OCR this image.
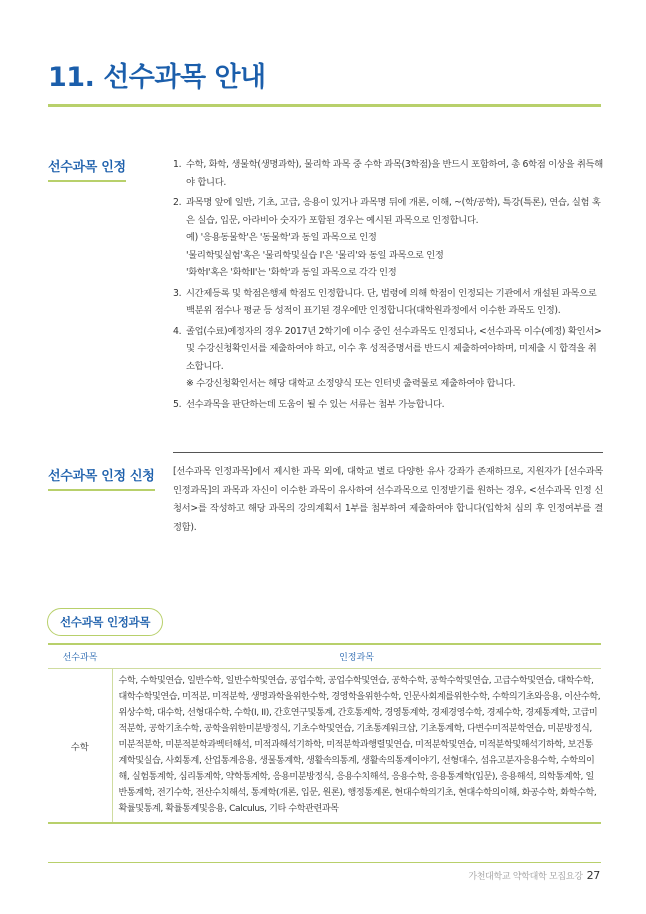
11. 선수과목 안내
선수과목 인정	1. 수학, 화학, 생물학(생명과학), 물리학 과목 중 수학 과목(3학점)을 반드시 포함하여, 총 6학점 이상을 취득해야 합니다.
2. 과목명 앞에 일반, 기초, 고급, 응용이 있거나 과목명 뒤에 개론, 이해, ~(학/공학), 특강(특론), 연습, 실험 혹은 실습, 입문, 아라비아 숫자가 포함된 경우는 예시된 과목으로 인정합니다.
예) '응용동물학'은 '동물학'과 동일 과목으로 인정
'물리학및실험'혹은 '물리학및실습 I'은 '물리'와 동일 과목으로 인정
'화학I'혹은 '화학II'는 '화학'과 동일 과목으로 각각 인정
3. 시간제등록 및 학점은행제 학점도 인정합니다. 단, 법령에 의해 학점이 인정되는 기관에서 개설된 과목으로 백분위 점수나 평균 등 성적이 표기된 경우에만 인정합니다(대학원과정에서 이수한 과목도 인정).
4. 졸업(수료)예정자의 경우 2017년 2학기에 이수 중인 선수과목도 인정되나, <선수과목 이수(예정) 확인서> 및 수강신청확인서를 제출하여야 하고, 이수 후 성적증명서를 반드시 제출하여야하며, 미제출 시 합격을 취소합니다.
※ 수강신청확인서는 해당 대학교 소정양식 또는 인터넷 출력물로 제출하여야 합니다.
5. 선수과목을 판단하는데 도움이 될 수 있는 서류는 첨부 가능합니다.
선수과목 인정 신청 [선수과목 인정과목]에서 제시한 과목 외에, 대학교 별로 다양한 유사 강좌가 존재하므로, 지원자가 [선수과목 인정과목]의 과목과 자신이 이수한 과목이 유사하여 선수과목으로 인정받기를 원하는 경우, <선수과목 인정 신청서>를 작성하고 해당 과목의 강의계획서 1부를 첨부하여 제출하여야 합니다(입학처 심의 후 인정여부를 결정함).

선수과목 인정과목
선수과목	인정과목
수학	수학, 수학및연습, 일반수학, 일반수학및연습, 공업수학, 공업수학및연습, 공학수학, 공학수학및연습, 고급수학및연습, 대학수학, 대학수학및연습, 미적분, 미적분학, 생명과학을위한수학, 경영학을위한수학, 인문사회계를위한수학, 수학의기초와응용, 이산수학, 위상수학, 대수학, 선형대수학, 수학(I, II), 간호연구및통계, 간호통계학, 경영통계학, 경제경영수학, 경제수학, 경제통계학, 고급미적분학, 공학기초수학, 공학을위한미분방정식, 기초수학및연습, 기초통계워크샵, 기초통계학, 다변수미적분학연습, 미분방정식, 미분적분학, 미분적분학과벡터해석, 미적과해석기하학, 미적분학과행렬및연습, 미적분학및연습, 미적분학및해석기하학, 보건통계학및실습, 사회통계, 산업통계응용, 생물통계학, 생활속의통계, 생활속의통계이야기, 선형대수, 섬유고분자응용수학, 수학의이해, 실험통계학, 심리통계학, 약학통계학, 응용미분방정식, 응용수치해석, 응용수학, 응용통계학(입문), 응용해석, 의학통계학, 일반통계학, 전기수학, 전산수치해석, 통계학(개론, 입문, 원론), 행정통계론, 현대수학의기초, 현대수학의이해, 화공수학, 화학수학, 확률및통계, 확률통계및응용, Calculus, 기타 수학관련과목
가천대학교 약학대학 모집요강 27
